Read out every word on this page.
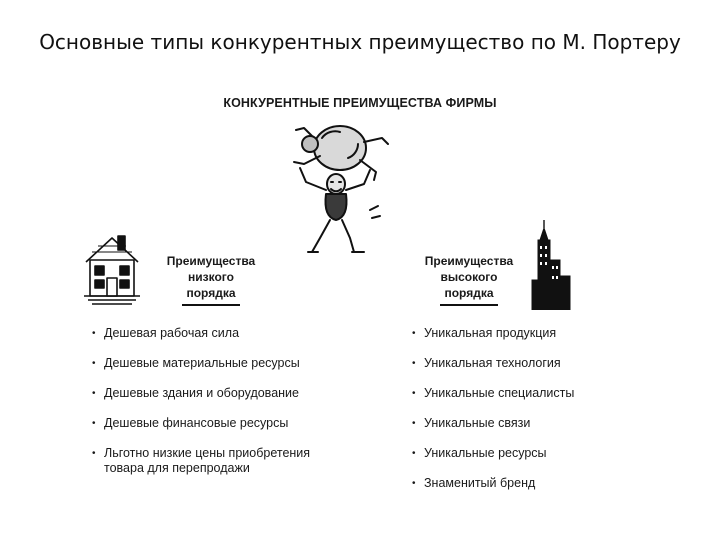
Основные типы конкурентных преимущество по М. Портеру
КОНКУРЕНТНЫЕ ПРЕИМУЩЕСТВА ФИРМЫ
Преимущества
низкого
порядка
Преимущества
высокого
порядка
• Дешевая рабочая сила
• Дешевые материальные ресурсы
• Дешевые здания и оборудование
• Дешевые финансовые ресурсы
• Льготно низкие цены приобретения товара для перепродажи
• Уникальная продукция
• Уникальная технология
• Уникальные специалисты
• Уникальные связи
• Уникальные ресурсы
• Знаменитый бренд
